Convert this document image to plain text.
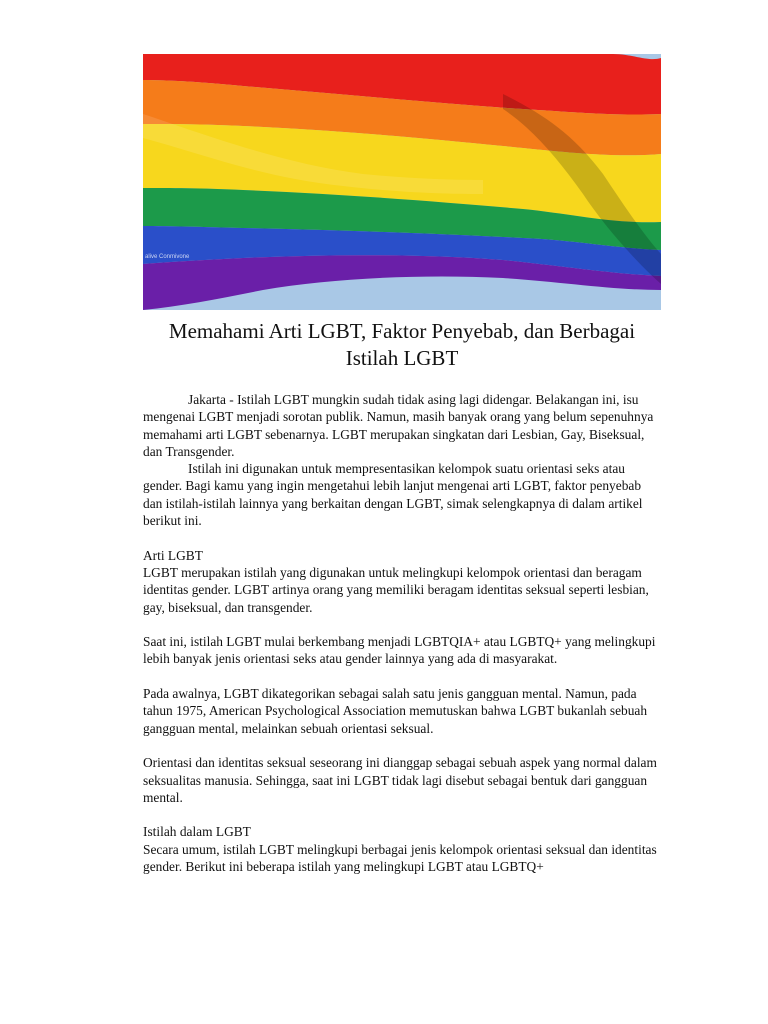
alive Conmivone
Memahami Arti LGBT, Faktor Penyebab, dan Berbagai Istilah LGBT

Jakarta - Istilah LGBT mungkin sudah tidak asing lagi didengar. Belakangan ini, isu mengenai LGBT menjadi sorotan publik. Namun, masih banyak orang yang belum sepenuhnya memahami arti LGBT sebenarnya. LGBT merupakan singkatan dari Lesbian, Gay, Biseksual, dan Transgender.

Istilah ini digunakan untuk mempresentasikan kelompok suatu orientasi seks atau gender. Bagi kamu yang ingin mengetahui lebih lanjut mengenai arti LGBT, faktor penyebab dan istilah-istilah lainnya yang berkaitan dengan LGBT, simak selengkapnya di dalam artikel berikut ini.

Arti LGBT

LGBT merupakan istilah yang digunakan untuk melingkupi kelompok orientasi dan beragam identitas gender. LGBT artinya orang yang memiliki beragam identitas seksual seperti lesbian, gay, biseksual, dan transgender.

Saat ini, istilah LGBT mulai berkembang menjadi LGBTQIA+ atau LGBTQ+ yang melingkupi lebih banyak jenis orientasi seks atau gender lainnya yang ada di masyarakat.

Pada awalnya, LGBT dikategorikan sebagai salah satu jenis gangguan mental. Namun, pada tahun 1975, American Psychological Association memutuskan bahwa LGBT bukanlah sebuah gangguan mental, melainkan sebuah orientasi seksual.

Orientasi dan identitas seksual seseorang ini dianggap sebagai sebuah aspek yang normal dalam seksualitas manusia. Sehingga, saat ini LGBT tidak lagi disebut sebagai bentuk dari gangguan mental.

Istilah dalam LGBT

Secara umum, istilah LGBT melingkupi berbagai jenis kelompok orientasi seksual dan identitas gender. Berikut ini beberapa istilah yang melingkupi LGBT atau LGBTQ+
